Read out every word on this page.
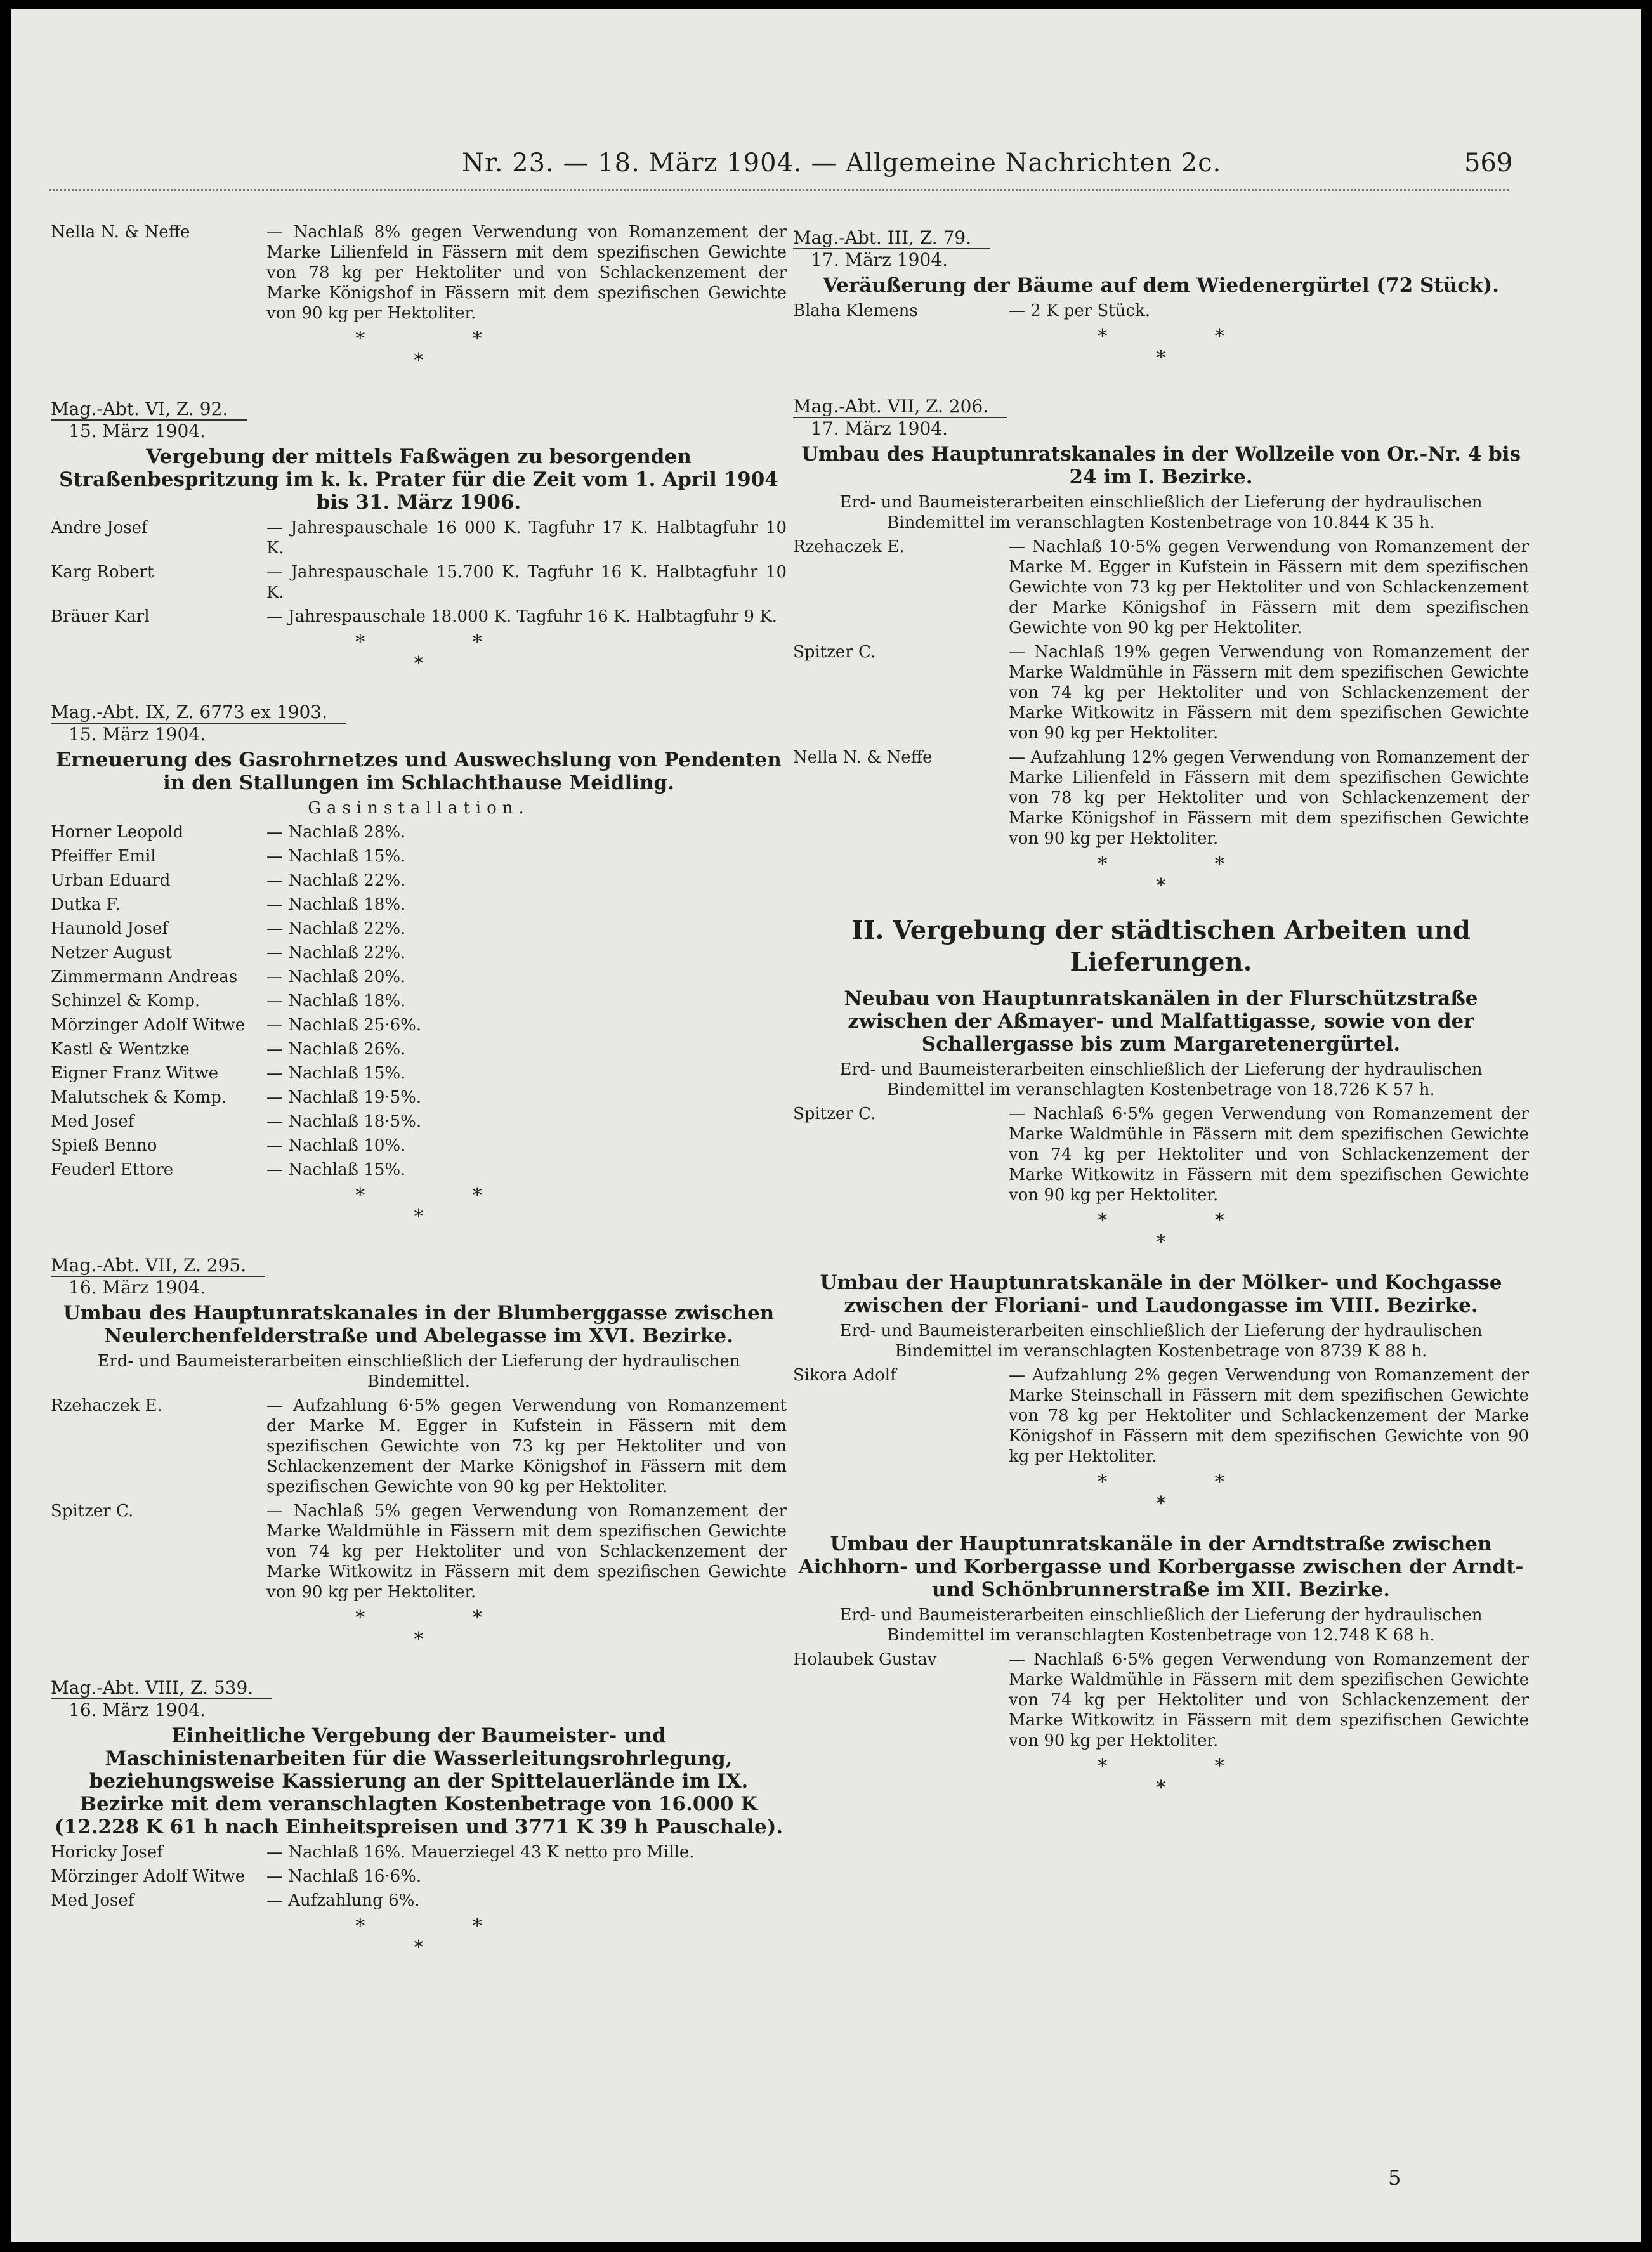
Nr. 23. — 18. März 1904. — Allgemeine Nachrichten 2c.	569
Nella N. & Neffe	— Nachlaß 8% gegen Verwendung von Romanzement der Marke Lilienfeld in Fässern mit dem spezifischen Gewichte von 78 kg per Hektoliter und von Schlackenzement der Marke Königshof in Fässern mit dem spezifischen Gewichte von 90 kg per Hektoliter.
* *
*
Mag.-Abt. VI, Z. 92.
15. März 1904.
Vergebung der mittels Faßwägen zu besorgenden Straßenbespritzung im k. k. Prater für die Zeit vom 1. April 1904 bis 31. März 1906.
Andre Josef	— Jahrespauschale 16 000 K. Tagfuhr 17 K. Halbtagfuhr 10 K.
Karg Robert	— Jahrespauschale 15.700 K. Tagfuhr 16 K. Halbtagfuhr 10 K.
Bräuer Karl	— Jahrespauschale 18.000 K. Tagfuhr 16 K. Halbtagfuhr 9 K.
* *
*
Mag.-Abt. IX, Z. 6773 ex 1903.
15. März 1904.
Erneuerung des Gasrohrnetzes und Auswechslung von Pendenten in den Stallungen im Schlachthause Meidling.
Gasinstallation.
Horner Leopold	— Nachlaß 28%.
Pfeiffer Emil	— Nachlaß 15%.
Urban Eduard	— Nachlaß 22%.
Dutka F.	— Nachlaß 18%.
Haunold Josef	— Nachlaß 22%.
Netzer August	— Nachlaß 22%.
Zimmermann Andreas	— Nachlaß 20%.
Schinzel & Komp.	— Nachlaß 18%.
Mörzinger Adolf Witwe	— Nachlaß 25·6%.
Kastl & Wentzke	— Nachlaß 26%.
Eigner Franz Witwe	— Nachlaß 15%.
Malutschek & Komp.	— Nachlaß 19·5%.
Med Josef	— Nachlaß 18·5%.
Spieß Benno	— Nachlaß 10%.
Feuderl Ettore	— Nachlaß 15%.
* *
*
Mag.-Abt. VII, Z. 295.
16. März 1904.
Umbau des Hauptunratskanales in der Blumberggasse zwischen Neulerchenfelderstraße und Abelegasse im XVI. Bezirke.
Erd- und Baumeisterarbeiten einschließlich der Lieferung der hydraulischen Bindemittel.
Rzehaczek E.	— Aufzahlung 6·5% gegen Verwendung von Romanzement der Marke M. Egger in Kufstein in Fässern mit dem spezifischen Gewichte von 73 kg per Hektoliter und von Schlackenzement der Marke Königshof in Fässern mit dem spezifischen Gewichte von 90 kg per Hektoliter.
Spitzer C.	— Nachlaß 5% gegen Verwendung von Romanzement der Marke Waldmühle in Fässern mit dem spezifischen Gewichte von 74 kg per Hektoliter und von Schlackenzement der Marke Witkowitz in Fässern mit dem spezifischen Gewichte von 90 kg per Hektoliter.
* *
*
Mag.-Abt. VIII, Z. 539.
16. März 1904.
Einheitliche Vergebung der Baumeister- und Maschinistenarbeiten für die Wasserleitungsrohrlegung, beziehungsweise Kassierung an der Spittelauerlände im IX. Bezirke mit dem veranschlagten Kostenbetrage von 16.000 K (12.228 K 61 h nach Einheitspreisen und 3771 K 39 h Pauschale).
Horicky Josef	— Nachlaß 16%. Mauerziegel 43 K netto pro Mille.
Mörzinger Adolf Witwe	— Nachlaß 16·6%.
Med Josef	— Aufzahlung 6%.
* *
*
Mag.-Abt. III, Z. 79.
17. März 1904.
Veräußerung der Bäume auf dem Wiedenergürtel (72 Stück).
Blaha Klemens	— 2 K per Stück.
* *
*
Mag.-Abt. VII, Z. 206.
17. März 1904.
Umbau des Hauptunratskanales in der Wollzeile von Or.-Nr. 4 bis 24 im I. Bezirke.
Erd- und Baumeisterarbeiten einschließlich der Lieferung der hydraulischen Bindemittel im veranschlagten Kostenbetrage von 10.844 K 35 h.
Rzehaczek E.	— Nachlaß 10·5% gegen Verwendung von Romanzement der Marke M. Egger in Kufstein in Fässern mit dem spezifischen Gewichte von 73 kg per Hektoliter und von Schlackenzement der Marke Königshof in Fässern mit dem spezifischen Gewichte von 90 kg per Hektoliter.
Spitzer C.	— Nachlaß 19% gegen Verwendung von Romanzement der Marke Waldmühle in Fässern mit dem spezifischen Gewichte von 74 kg per Hektoliter und von Schlackenzement der Marke Witkowitz in Fässern mit dem spezifischen Gewichte von 90 kg per Hektoliter.
Nella N. & Neffe	— Aufzahlung 12% gegen Verwendung von Romanzement der Marke Lilienfeld in Fässern mit dem spezifischen Gewichte von 78 kg per Hektoliter und von Schlackenzement der Marke Königshof in Fässern mit dem spezifischen Gewichte von 90 kg per Hektoliter.
* *
*
II. Vergebung der städtischen Arbeiten und Lieferungen.
Neubau von Hauptunratskanälen in der Flurschützstraße zwischen der Aßmayer- und Malfattigasse, sowie von der Schallergasse bis zum Margaretenergürtel.
Erd- und Baumeisterarbeiten einschließlich der Lieferung der hydraulischen Bindemittel im veranschlagten Kostenbetrage von 18.726 K 57 h.
Spitzer C.	— Nachlaß 6·5% gegen Verwendung von Romanzement der Marke Waldmühle in Fässern mit dem spezifischen Gewichte von 74 kg per Hektoliter und von Schlackenzement der Marke Witkowitz in Fässern mit dem spezifischen Gewichte von 90 kg per Hektoliter.
* *
*
Umbau der Hauptunratskanäle in der Mölker- und Kochgasse zwischen der Floriani- und Laudongasse im VIII. Bezirke.
Erd- und Baumeisterarbeiten einschließlich der Lieferung der hydraulischen Bindemittel im veranschlagten Kostenbetrage von 8739 K 88 h.
Sikora Adolf	— Aufzahlung 2% gegen Verwendung von Romanzement der Marke Steinschall in Fässern mit dem spezifischen Gewichte von 78 kg per Hektoliter und Schlackenzement der Marke Königshof in Fässern mit dem spezifischen Gewichte von 90 kg per Hektoliter.
* *
*
Umbau der Hauptunratskanäle in der Arndtstraße zwischen Aichhorn- und Korbergasse und Korbergasse zwischen der Arndt- und Schönbrunnerstraße im XII. Bezirke.
Erd- und Baumeisterarbeiten einschließlich der Lieferung der hydraulischen Bindemittel im veranschlagten Kostenbetrage von 12.748 K 68 h.
Holaubek Gustav	— Nachlaß 6·5% gegen Verwendung von Romanzement der Marke Waldmühle in Fässern mit dem spezifischen Gewichte von 74 kg per Hektoliter und von Schlackenzement der Marke Witkowitz in Fässern mit dem spezifischen Gewichte von 90 kg per Hektoliter.
* *
*
5
